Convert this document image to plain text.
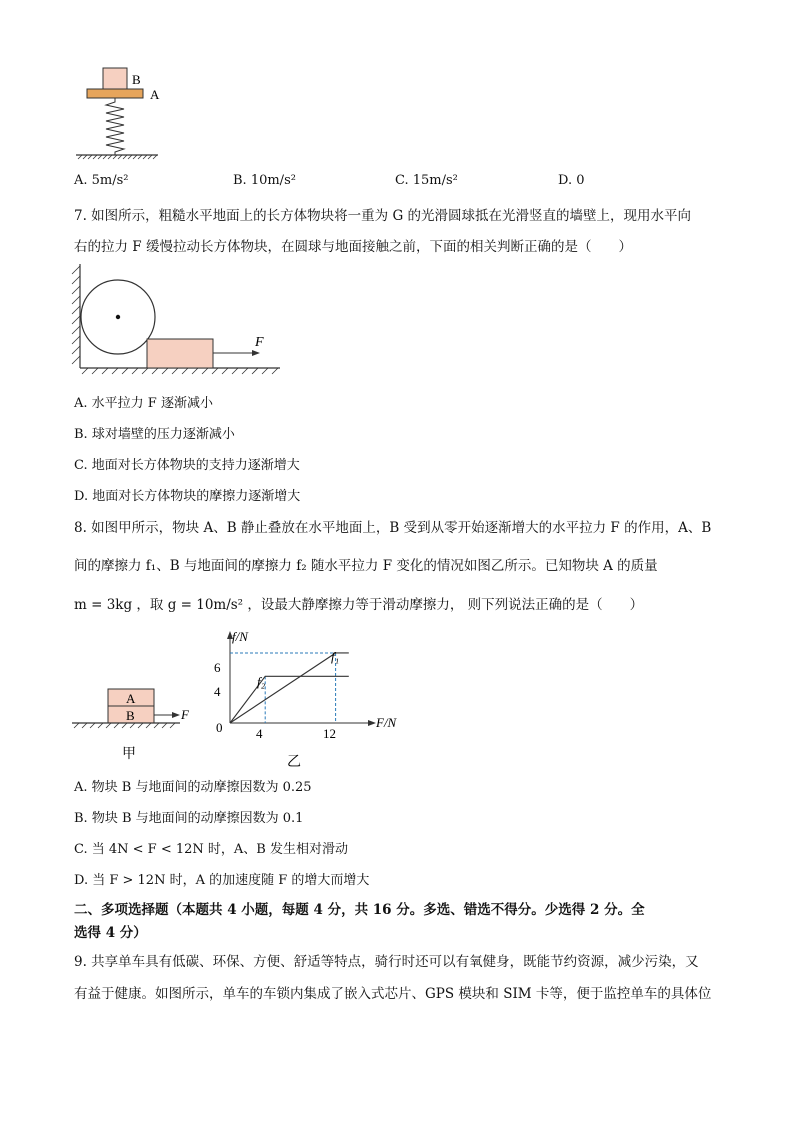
B
A
A. 5m/s²	B. 10m/s²	C. 15m/s²	D. 0
7. 如图所示，粗糙水平地面上的长方体物块将一重为 G 的光滑圆球抵在光滑竖直的墙壁上，现用水平向
右的拉力 F 缓慢拉动长方体物块，在圆球与地面接触之前，下面的相关判断正确的是（　　）
F
A. 水平拉力 F 逐渐减小
B. 球对墙壁的压力逐渐减小
C. 地面对长方体物块的支持力逐渐增大
D. 地面对长方体物块的摩擦力逐渐增大
8. 如图甲所示，物块 A、B 静止叠放在水平地面上，B 受到从零开始逐渐增大的水平拉力 F 的作用，A、B
间的摩擦力 f₁、B 与地面间的摩擦力 f₂ 随水平拉力 F 变化的情况如图乙所示。已知物块 A 的质量
m = 3kg ，取 g = 10m/s² ，设最大静摩擦力等于滑动摩擦力， 则下列说法正确的是（　　）
A
B	F
甲
f/N
F/N
6
4
0	4	12
f₁
f₂
乙
A. 物块 B 与地面间的动摩擦因数为 0.25
B. 物块 B 与地面间的动摩擦因数为 0.1
C. 当 4N < F < 12N 时，A、B 发生相对滑动
D. 当 F > 12N 时，A 的加速度随 F 的增大而增大
二、多项选择题（本题共 4 小题，每题 4 分，共 16 分。多选、错选不得分。少选得 2 分。全
选得 4 分）
9. 共享单车具有低碳、环保、方便、舒适等特点，骑行时还可以有氧健身，既能节约资源，减少污染，又
有益于健康。如图所示，单车的车锁内集成了嵌入式芯片、GPS 模块和 SIM 卡等，便于监控单车的具体位
